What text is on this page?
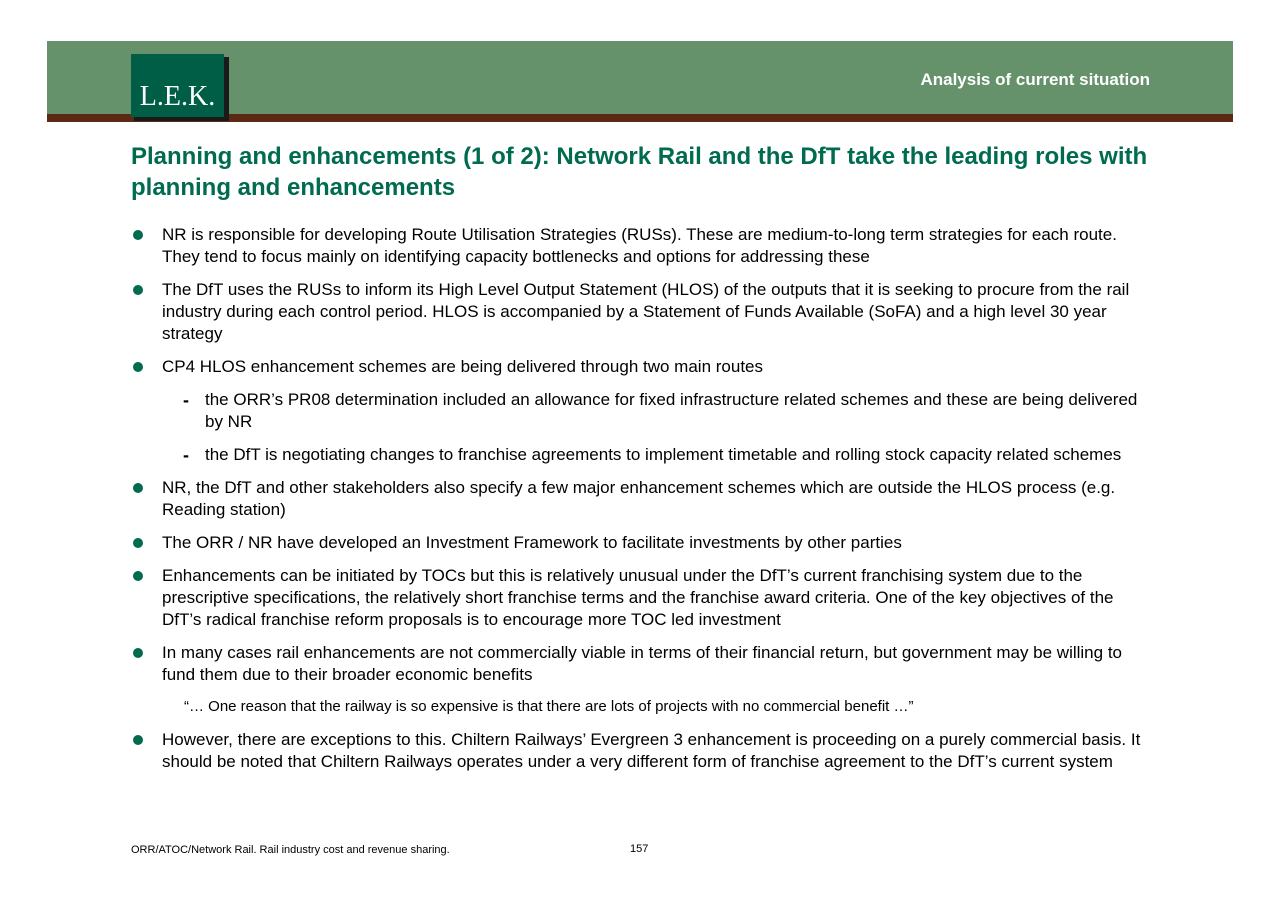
L.E.K.
Analysis of current situation
Planning and enhancements (1 of 2): Network Rail and the DfT take the leading roles with planning and enhancements
NR is responsible for developing Route Utilisation Strategies (RUSs). These are medium-to-long term strategies for each route. They tend to focus mainly on identifying capacity bottlenecks and options for addressing these
The DfT uses the RUSs to inform its High Level Output Statement (HLOS) of the outputs that it is seeking to procure from the rail industry during each control period. HLOS is accompanied by a Statement of Funds Available (SoFA) and a high level 30 year strategy
CP4 HLOS enhancement schemes are being delivered through two main routes
- the ORR’s PR08 determination included an allowance for fixed infrastructure related schemes and these are being delivered by NR
- the DfT is negotiating changes to franchise agreements to implement timetable and rolling stock capacity related schemes
NR, the DfT and other stakeholders also specify a few major enhancement schemes which are outside the HLOS process (e.g. Reading station)
The ORR / NR have developed an Investment Framework to facilitate investments by other parties
Enhancements can be initiated by TOCs but this is relatively unusual under the DfT’s current franchising system due to the prescriptive specifications, the relatively short franchise terms and the franchise award criteria. One of the key objectives of the DfT’s radical franchise reform proposals is to encourage more TOC led investment
In many cases rail enhancements are not commercially viable in terms of their financial return, but government may be willing to fund them due to their broader economic benefits
“… One reason that the railway is so expensive is that there are lots of projects with no commercial benefit …”
However, there are exceptions to this. Chiltern Railways’ Evergreen 3 enhancement is proceeding on a purely commercial basis. It should be noted that Chiltern Railways operates under a very different form of franchise agreement to the DfT’s current system
ORR/ATOC/Network Rail. Rail industry cost and revenue sharing.	157
